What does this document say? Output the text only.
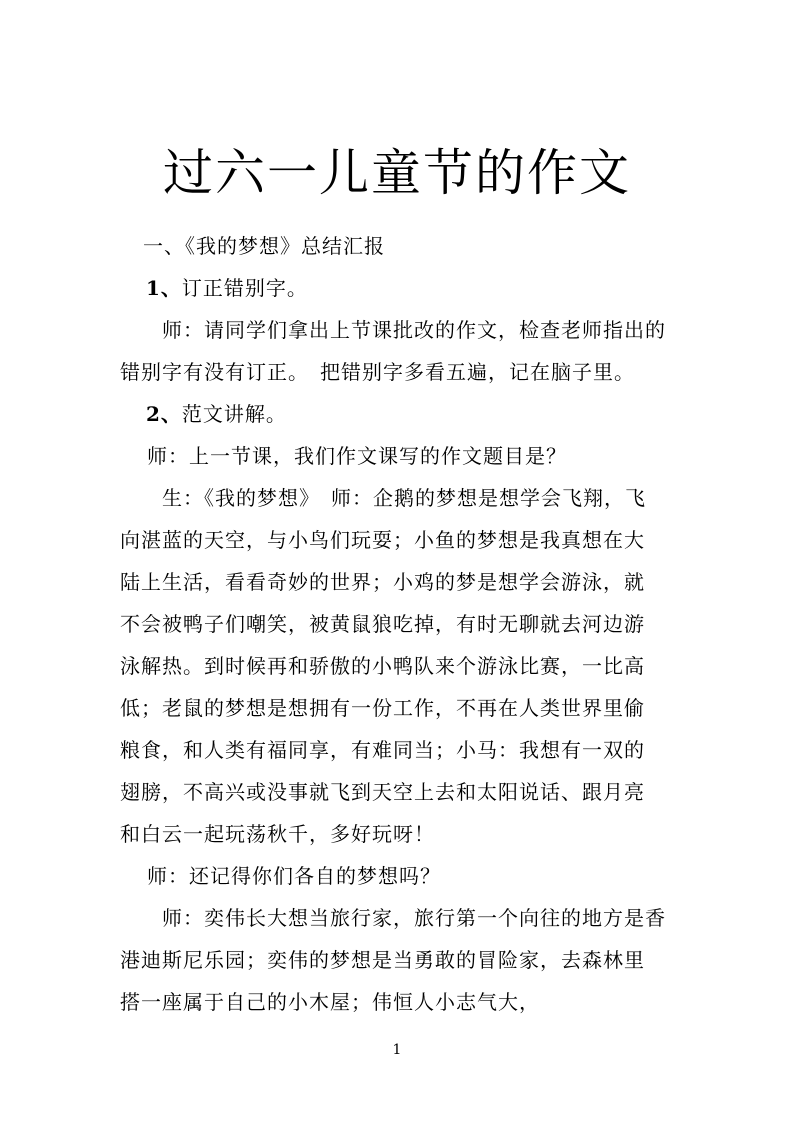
过六一儿童节的作文
一、《我的梦想》总结汇报
1、订正错别字。
师：请同学们拿出上节课批改的作文，检查老师指出的
错别字有没有订正。　把错别字多看五遍，记在脑子里。
2、范文讲解。
师：上一节课，我们作文课写的作文题目是？
生：《我的梦想》　师：企鹅的梦想是想学会飞翔，飞
向湛蓝的天空，与小鸟们玩耍；小鱼的梦想是我真想在大
陆上生活，看看奇妙的世界；小鸡的梦是想学会游泳，就
不会被鸭子们嘲笑，被黄鼠狼吃掉，有时无聊就去河边游
泳解热。到时候再和骄傲的小鸭队来个游泳比赛，一比高
低；老鼠的梦想是想拥有一份工作，不再在人类世界里偷
粮食，和人类有福同享，有难同当；小马：我想有一双的
翅膀，不高兴或没事就飞到天空上去和太阳说话、跟月亮
和白云一起玩荡秋千，多好玩呀！
师：还记得你们各自的梦想吗？
师：奕伟长大想当旅行家，旅行第一个向往的地方是香
港迪斯尼乐园；奕伟的梦想是当勇敢的冒险家，去森林里
搭一座属于自己的小木屋；伟恒人小志气大，
1
